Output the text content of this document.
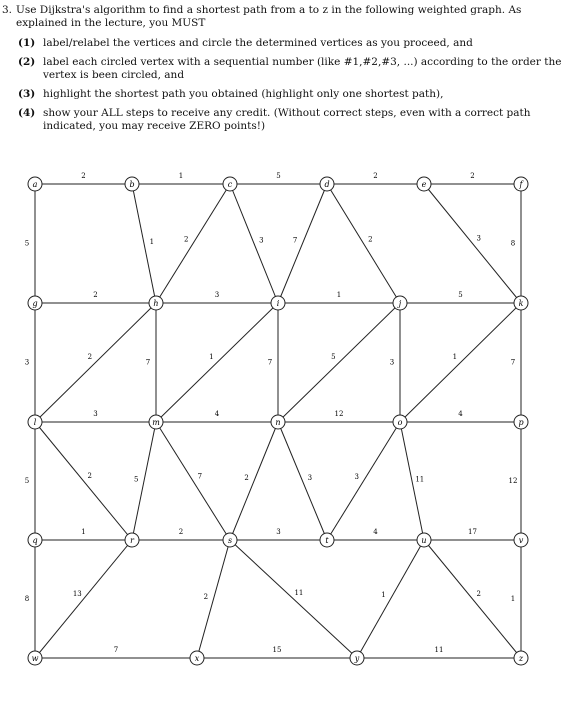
3. Use Dijkstra's algorithm to find a shortest path from a to z in the following weighted graph. As explained in the lecture, you MUST
(1) label/relabel the vertices and circle the determined vertices as you proceed, and
(2) label each circled vertex with a sequential number (like #1,#2,#3, ...) according to the order the vertex is been circled, and
(3) highlight the shortest path you obtained (highlight only one shortest path),
(4) show your ALL steps to receive any credit. (Without correct steps, even with a correct path indicated, you may receive ZERO points!)
2	1	5	2	2
5	1	2	3	7	2	3
8
2	3	1	5
3
2
7
1
7
5
3
1
7
3	4	12	4
5
2	5	7	2	3	3	11	12
1	2	3	4	17
8
13	2	11	1	2
1
7	15	11
a	b	c	d	e	f
g	h	i	j	k
l	m	n	o	p
q	r	s	t	u	v
w	x	y	z
